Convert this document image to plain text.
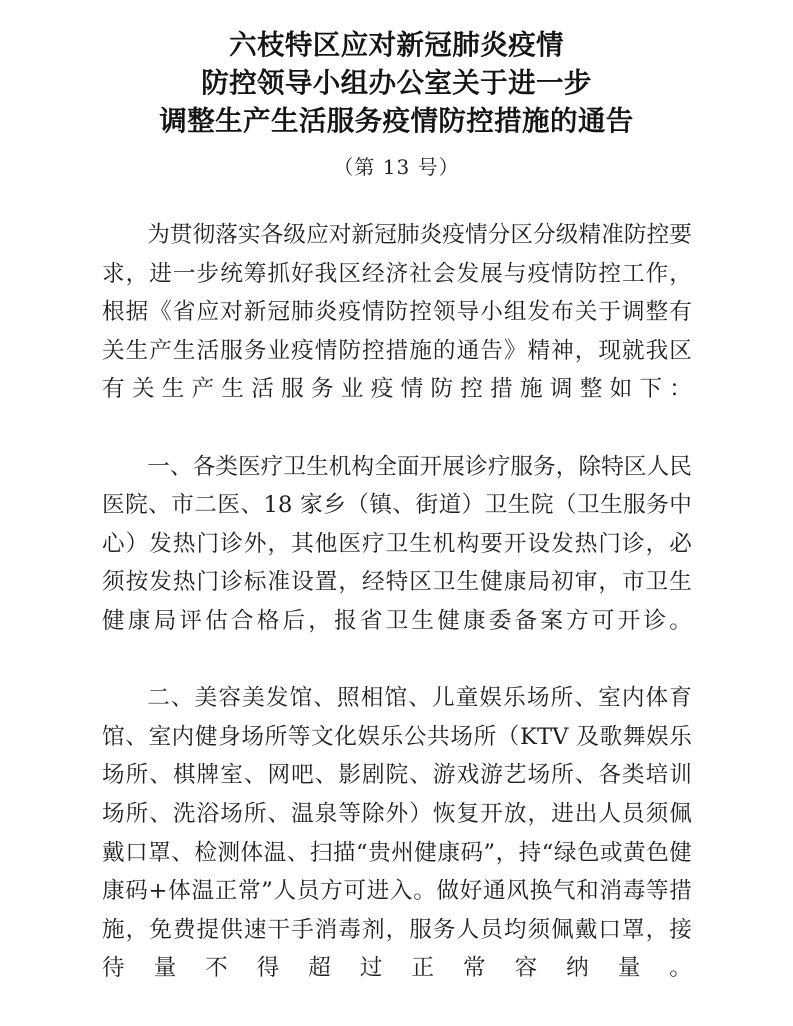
六枝特区应对新冠肺炎疫情
防控领导小组办公室关于进一步
调整生产生活服务疫情防控措施的通告
（第 13 号）

为贯彻落实各级应对新冠肺炎疫情分区分级精准防控要求，进一步统筹抓好我区经济社会发展与疫情防控工作，根据《省应对新冠肺炎疫情防控领导小组发布关于调整有关生产生活服务业疫情防控措施的通告》精神，现就我区有关生产生活服务业疫情防控措施调整如下：

一、各类医疗卫生机构全面开展诊疗服务，除特区人民医院、市二医、18 家乡（镇、街道）卫生院（卫生服务中心）发热门诊外，其他医疗卫生机构要开设发热门诊，必须按发热门诊标准设置，经特区卫生健康局初审，市卫生健康局评估合格后，报省卫生健康委备案方可开诊。

二、美容美发馆、照相馆、儿童娱乐场所、室内体育馆、室内健身场所等文化娱乐公共场所（KTV 及歌舞娱乐场所、棋牌室、网吧、影剧院、游戏游艺场所、各类培训场所、洗浴场所、温泉等除外）恢复开放，进出人员须佩戴口罩、检测体温、扫描“贵州健康码”，持“绿色或黄色健康码+体温正常”人员方可进入。做好通风换气和消毒等措施，免费提供速干手消毒剂，服务人员均须佩戴口罩，接待量不得超过正常容纳量。
